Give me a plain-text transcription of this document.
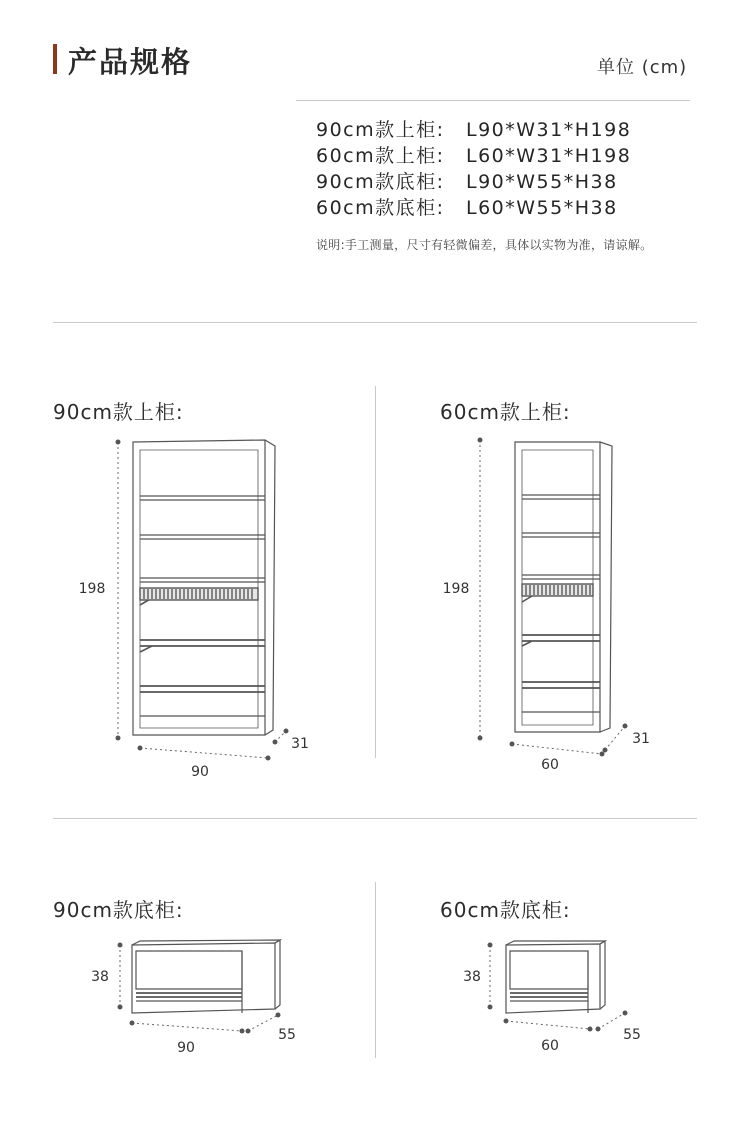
产品规格	单位 (cm)
90cm款上柜: L90*W31*H198
60cm款上柜: L60*W31*H198
90cm款底柜: L90*W55*H38
60cm款底柜: L60*W55*H38
说明:手工测量，尺寸有轻微偏差，具体以实物为准，请谅解。
90cm款上柜:	60cm款上柜:
198
90
31
198
60
31
90cm款底柜:	60cm款底柜:
38
90
55
38
60
55
